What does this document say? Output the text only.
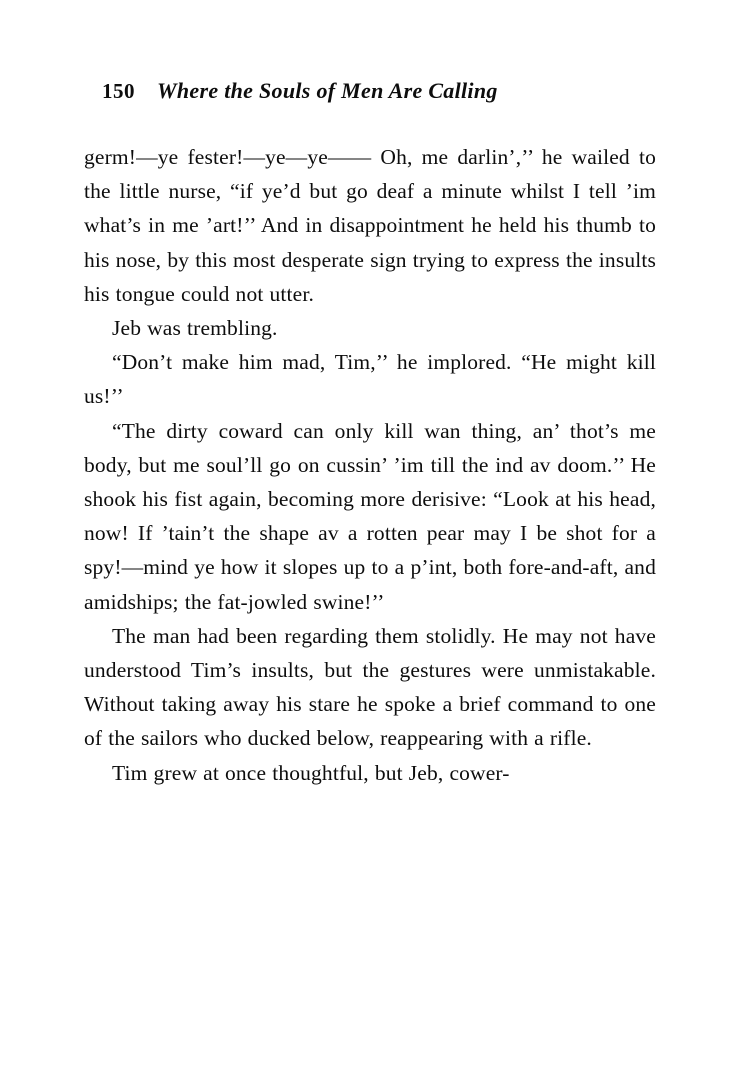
150 Where the Souls of Men Are Calling

germ!—ye fester!—ye—ye—— Oh, me darlin’,’’ he wailed to the little nurse, “if ye’d but go deaf a minute whilst I tell ’im what’s in me ’art!’’ And in disappointment he held his thumb to his nose, by this most desperate sign trying to express the insults his tongue could not utter.

Jeb was trembling.

“Don’t make him mad, Tim,’’ he implored. “He might kill us!’’

“The dirty coward can only kill wan thing, an’ thot’s me body, but me soul’ll go on cussin’ ’im till the ind av doom.’’ He shook his fist again, becoming more derisive: “Look at his head, now! If ’tain’t the shape av a rotten pear may I be shot for a spy!—mind ye how it slopes up to a p’int, both fore-and-aft, and amidships; the fat-jowled swine!’’

The man had been regarding them stolidly. He may not have understood Tim’s insults, but the gestures were unmistakable. Without taking away his stare he spoke a brief command to one of the sailors who ducked below, reappearing with a rifle.

Tim grew at once thoughtful, but Jeb, cower-
